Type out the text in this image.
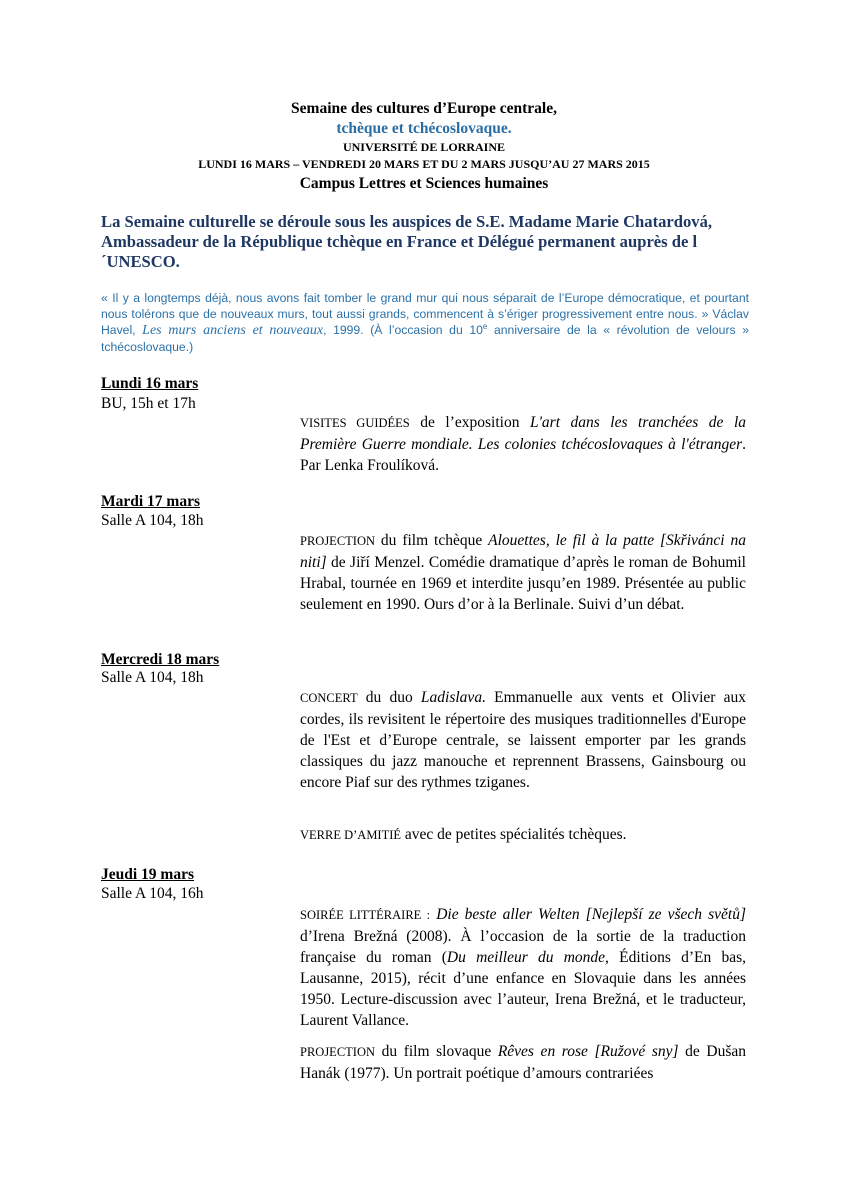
Semaine des cultures d’Europe centrale,
tchèque et tchécoslovaque.
UNIVERSITÉ DE LORRAINE
LUNDI 16 MARS – VENDREDI 20 MARS ET DU 2 MARS JUSQU’AU 27 MARS 2015
Campus Lettres et Sciences humaines

La Semaine culturelle se déroule sous les auspices de S.E. Madame Marie Chatardová, Ambassadeur de la République tchèque en France et Délégué permanent auprès de l´UNESCO.

« Il y a longtemps déjà, nous avons fait tomber le grand mur qui nous séparait de l’Europe démocratique, et pourtant nous tolérons que de nouveaux murs, tout aussi grands, commencent à s’ériger progressivement entre nous. » Václav Havel, Les murs anciens et nouveaux, 1999. (À l’occasion du 10e anniversaire de la « révolution de velours » tchécoslovaque.)

Lundi 16 mars
BU, 15h et 17h

VISITES GUIDÉES de l’exposition L'art dans les tranchées de la Première Guerre mondiale. Les colonies tchécoslovaques à l'étranger. Par Lenka Froulíková.

Mardi 17 mars
Salle A 104, 18h

PROJECTION du film tchèque Alouettes, le fil à la patte [Skřivánci na niti] de Jiří Menzel. Comédie dramatique d’après le roman de Bohumil Hrabal, tournée en 1969 et interdite jusqu’en 1989. Présentée au public seulement en 1990. Ours d’or à la Berlinale. Suivi d’un débat.

Mercredi 18 mars
Salle A 104, 18h

CONCERT du duo Ladislava. Emmanuelle aux vents et Olivier aux cordes, ils revisitent le répertoire des musiques traditionnelles d'Europe de l'Est et d’Europe centrale, se laissent emporter par les grands classiques du jazz manouche et reprennent Brassens, Gainsbourg ou encore Piaf sur des rythmes tziganes.

VERRE D’AMITIÉ avec de petites spécialités tchèques.

Jeudi 19 mars
Salle A 104, 16h

SOIRÉE LITTÉRAIRE : Die beste aller Welten [Nejlepší ze všech světů] d’Irena Brežná (2008). À l’occasion de la sortie de la traduction française du roman (Du meilleur du monde, Éditions d’En bas, Lausanne, 2015), récit d’une enfance en Slovaquie dans les années 1950. Lecture-discussion avec l’auteur, Irena Brežná, et le traducteur, Laurent Vallance.

PROJECTION du film slovaque Rêves en rose [Ružové sny] de Dušan Hanák (1977). Un portrait poétique d’amours contrariées
